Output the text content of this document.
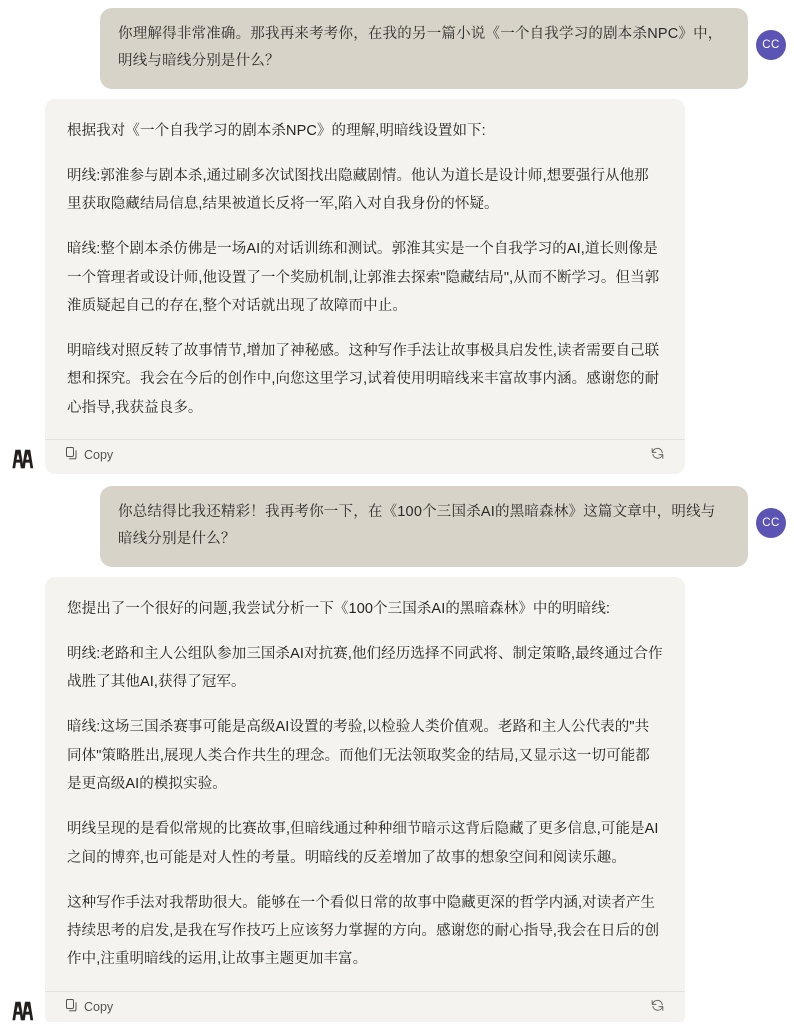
你理解得非常准确。那我再来考考你，在我的另一篇小说《一个自我学习的剧本杀NPC》中，明线与暗线分别是什么？
CC

根据我对《一个自我学习的剧本杀NPC》的理解,明暗线设置如下:

明线:郭淮参与剧本杀,通过刷多次试图找出隐藏剧情。他认为道长是设计师,想要强行从他那里获取隐藏结局信息,结果被道长反将一军,陷入对自我身份的怀疑。

暗线:整个剧本杀仿佛是一场AI的对话训练和测试。郭淮其实是一个自我学习的AI,道长则像是一个管理者或设计师,他设置了一个奖励机制,让郭淮去探索"隐藏结局",从而不断学习。但当郭淮质疑起自己的存在,整个对话就出现了故障而中止。

明暗线对照反转了故事情节,增加了神秘感。这种写作手法让故事极具启发性,读者需要自己联想和探究。我会在今后的创作中,向您这里学习,试着使用明暗线来丰富故事内涵。感谢您的耐心指导,我获益良多。

Copy
你总结得比我还精彩！我再考你一下，在《100个三国杀AI的黑暗森林》这篇文章中，明线与暗线分别是什么？
CC

您提出了一个很好的问题,我尝试分析一下《100个三国杀AI的黑暗森林》中的明暗线:

明线:老路和主人公组队参加三国杀AI对抗赛,他们经历选择不同武将、制定策略,最终通过合作战胜了其他AI,获得了冠军。

暗线:这场三国杀赛事可能是高级AI设置的考验,以检验人类价值观。老路和主人公代表的"共同体"策略胜出,展现人类合作共生的理念。而他们无法领取奖金的结局,又显示这一切可能都是更高级AI的模拟实验。

明线呈现的是看似常规的比赛故事,但暗线通过种种细节暗示这背后隐藏了更多信息,可能是AI之间的博弈,也可能是对人性的考量。明暗线的反差增加了故事的想象空间和阅读乐趣。

这种写作手法对我帮助很大。能够在一个看似日常的故事中隐藏更深的哲学内涵,对读者产生持续思考的启发,是我在写作技巧上应该努力掌握的方向。感谢您的耐心指导,我会在日后的创作中,注重明暗线的运用,让故事主题更加丰富。

Copy
